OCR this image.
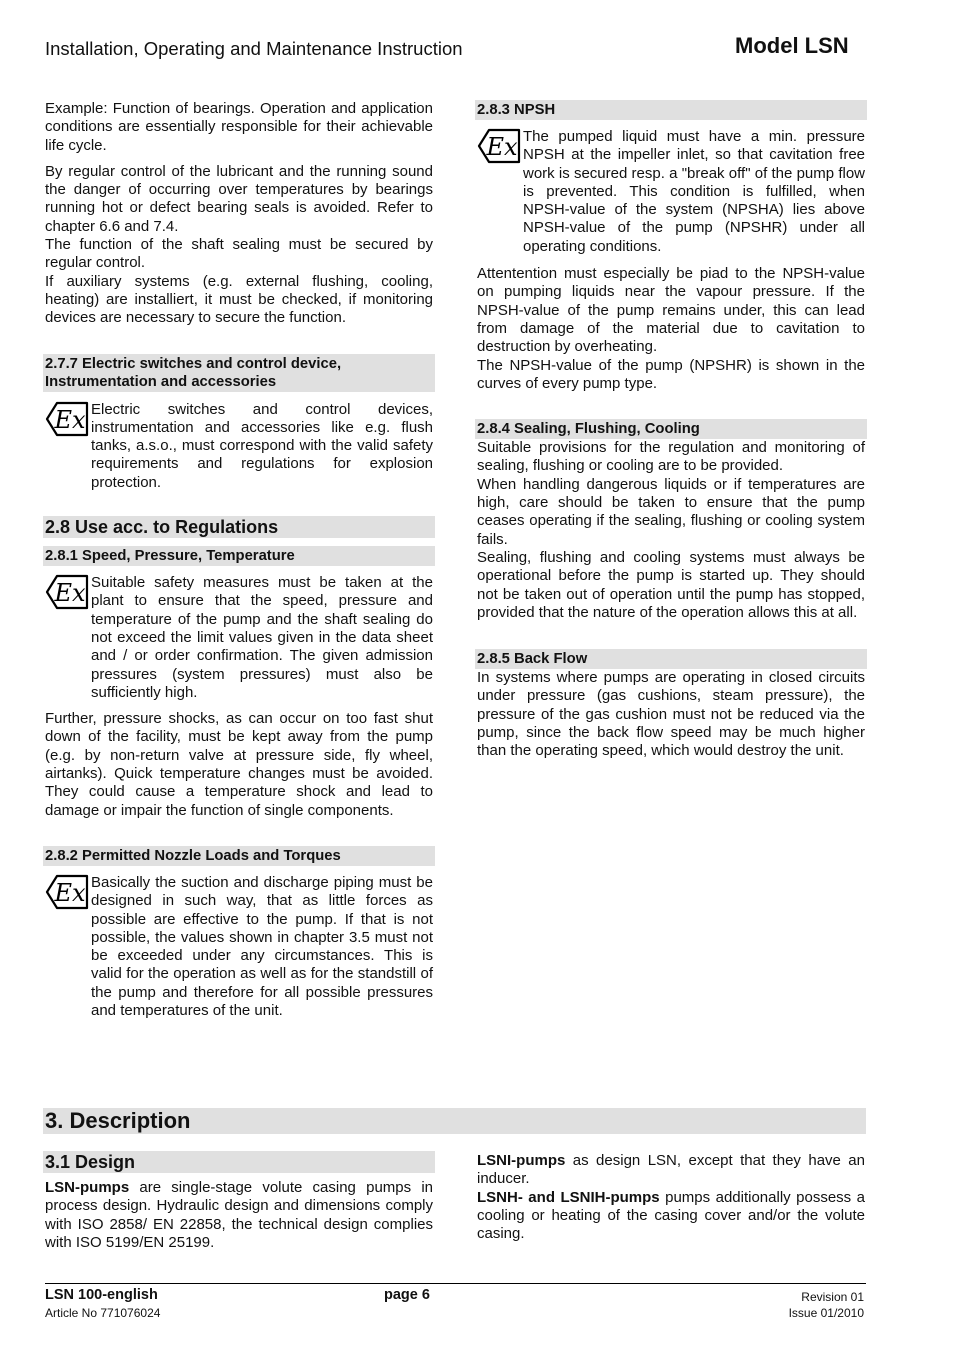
Installation, Operating and Maintenance Instruction	Model LSN

Example: Function of bearings. Operation and application conditions are essentially responsible for their achievable life cycle.

By regular control of the lubricant and the running sound the danger of occurring over temperatures by bearings running hot or defect bearing seals is avoided. Refer to chapter 6.6 and 7.4.

The function of the shaft sealing must be secured by regular control.

If auxiliary systems (e.g. external flushing, cooling, heating) are installiert, it must be checked, if monitoring devices are necessary to secure the function.

2.7.7 Electric switches and control device, Instrumentation and accessories
Ex Electric switches and control devices, instrumentation and accessories like e.g. flush tanks, a.s.o., must correspond with the valid safety requirements and regulations for explosion protection.
2.8 Use acc. to Regulations
2.8.1 Speed, Pressure, Temperature
Ex Suitable safety measures must be taken at the plant to ensure that the speed, pressure and temperature of the pump and the shaft sealing do not exceed the limit values given in the data sheet and / or order confirmation. The given admission pressures (system pressures) must also be sufficiently high.

Further, pressure shocks, as can occur on too fast shut down of the facility, must be kept away from the pump (e.g. by non-return valve at pressure side, fly wheel, airtanks). Quick temperature changes must be avoided. They could cause a temperature shock and lead to damage or impair the function of single components.

2.8.2 Permitted Nozzle Loads and Torques
Ex Basically the suction and discharge piping must be designed in such way, that as little forces as possible are effective to the pump. If that is not possible, the values shown in chapter 3.5 must not be exceeded under any circumstances. This is valid for the operation as well as for the standstill of the pump and therefore for all possible pressures and temperatures of the unit.
2.8.3 NPSH
Ex The pumped liquid must have a min. pressure NPSH at the impeller inlet, so that cavitation free work is secured resp. a "break off" of the pump flow is prevented. This condition is fulfilled, when NPSH-value of the system (NPSHA) lies above NPSH-value of the pump (NPSHR) under all operating conditions.

Attentention must especially be piad to the NPSH-value on pumping liquids near the vapour pressure. If the NPSH-value of the pump remains under, this can lead from damage of the material due to cavitation to destruction by overheating.

The NPSH-value of the pump (NPSHR) is shown in the curves of every pump type.

2.8.4 Sealing, Flushing, Cooling

Suitable provisions for the regulation and monitoring of sealing, flushing or cooling are to be provided.

When handling dangerous liquids or if temperatures are high, care should be taken to ensure that the pump ceases operating if the sealing, flushing or cooling system fails.

Sealing, flushing and cooling systems must always be operational before the pump is started up. They should not be taken out of operation until the pump has stopped, provided that the nature of the operation allows this at all.

2.8.5 Back Flow

In systems where pumps are operating in closed circuits under pressure (gas cushions, steam pressure), the pressure of the gas cushion must not be reduced via the pump, since the back flow speed may be much higher than the operating speed, which would destroy the unit.

3. Description
3.1 Design

LSN-pumps are single-stage volute casing pumps in process design. Hydraulic design and dimensions comply with ISO 2858/ EN 22858, the technical design complies with ISO 5199/EN 25199.

LSNI-pumps as design LSN, except that they have an inducer.

LSNH- and LSNIH-pumps pumps additionally possess a cooling or heating of the casing cover and/or the volute casing.

LSN 100-english
Article No 771076024
page 6	Revision 01
Issue 01/2010
